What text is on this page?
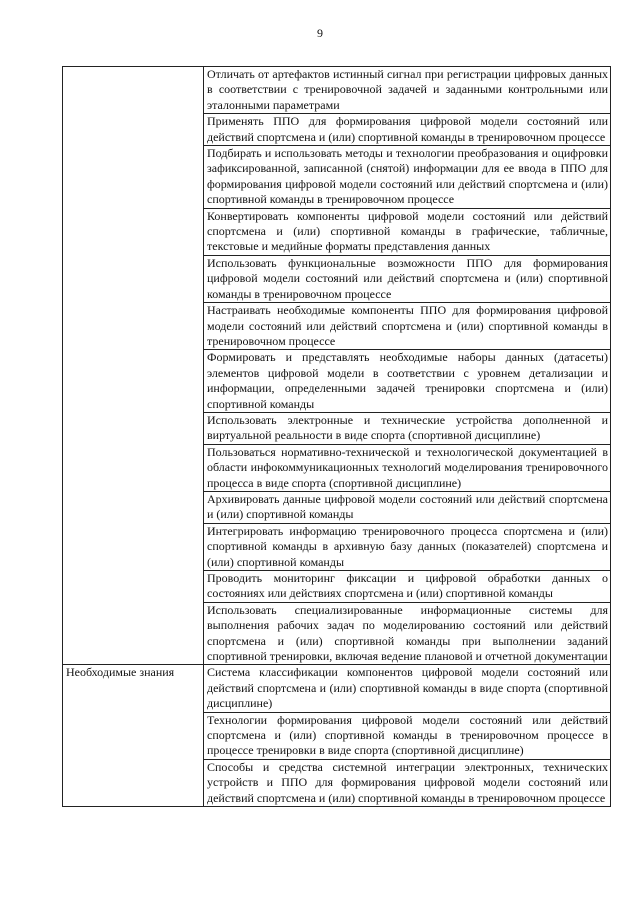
9
	Отличать от артефактов истинный сигнал при регистрации цифровых данных в соответствии с тренировочной задачей и заданными контрольными или эталонными параметрами
	Применять ППО для формирования цифровой модели состояний или действий спортсмена и (или) спортивной команды в тренировочном процессе
	Подбирать и использовать методы и технологии преобразования и оцифровки зафиксированной, записанной (снятой) информации для ее ввода в ППО для формирования цифровой модели состояний или действий спортсмена и (или) спортивной команды в тренировочном процессе
	Конвертировать компоненты цифровой модели состояний или действий спортсмена и (или) спортивной команды в графические, табличные, текстовые и медийные форматы представления данных
	Использовать функциональные возможности ППО для формирования цифровой модели состояний или действий спортсмена и (или) спортивной команды в тренировочном процессе
	Настраивать необходимые компоненты ППО для формирования цифровой модели состояний или действий спортсмена и (или) спортивной команды в тренировочном процессе
	Формировать и представлять необходимые наборы данных (датасеты) элементов цифровой модели в соответствии с уровнем детализации и информации, определенными задачей тренировки спортсмена и (или) спортивной команды
	Использовать электронные и технические устройства дополненной и виртуальной реальности в виде спорта (спортивной дисциплине)
	Пользоваться нормативно-технической и технологической документацией в области инфокоммуникационных технологий моделирования тренировочного процесса в виде спорта (спортивной дисциплине)
	Архивировать данные цифровой модели состояний или действий спортсмена и (или) спортивной команды
	Интегрировать информацию тренировочного процесса спортсмена и (или) спортивной команды в архивную базу данных (показателей) спортсмена и (или) спортивной команды
	Проводить мониторинг фиксации и цифровой обработки данных о состояниях или действиях спортсмена и (или) спортивной команды
	Использовать специализированные информационные системы для выполнения рабочих задач по моделированию состояний или действий спортсмена и (или) спортивной команды при выполнении заданий спортивной тренировки, включая ведение плановой и отчетной документации
Необходимые знания	Система классификации компонентов цифровой модели состояний или действий спортсмена и (или) спортивной команды в виде спорта (спортивной дисциплине)
	Технологии формирования цифровой модели состояний или действий спортсмена и (или) спортивной команды в тренировочном процессе в процессе тренировки в виде спорта (спортивной дисциплине)
	Способы и средства системной интеграции электронных, технических устройств и ППО для формирования цифровой модели состояний или действий спортсмена и (или) спортивной команды в тренировочном процессе
